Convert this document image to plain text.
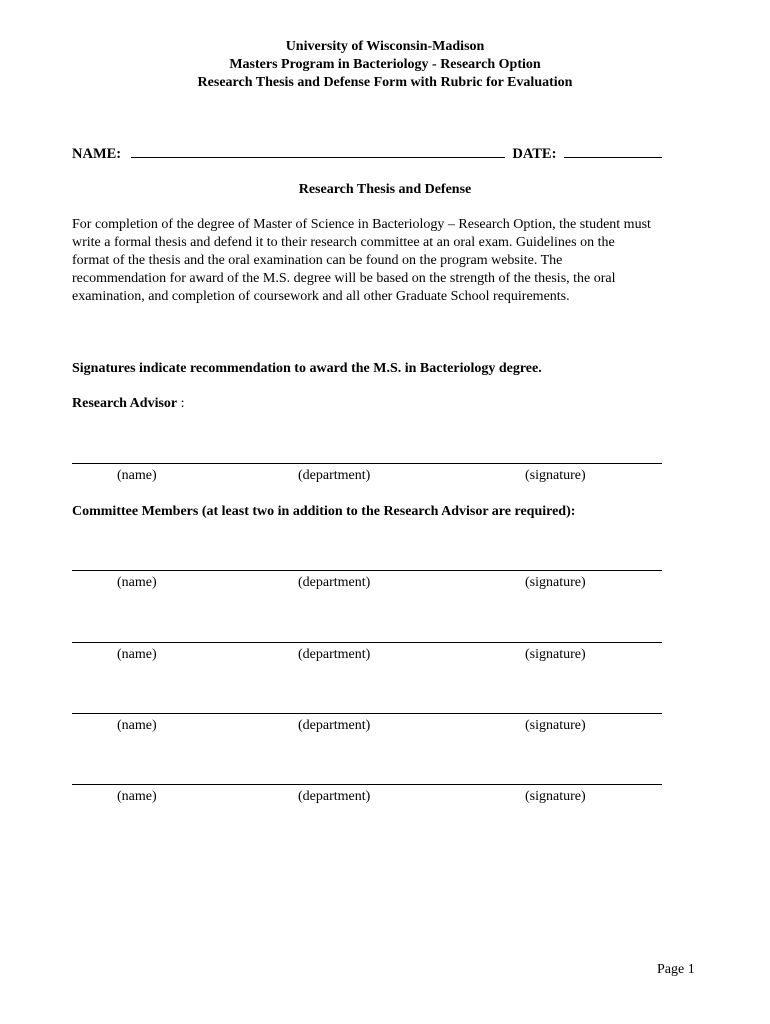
University of Wisconsin-Madison
Masters Program in Bacteriology - Research Option
Research Thesis and Defense Form with Rubric for Evaluation
NAME:	DATE:
Research Thesis and Defense
For completion of the degree of Master of Science in Bacteriology – Research Option, the student must
write a formal thesis and defend it to their research committee at an oral exam. Guidelines on the
format of the thesis and the oral examination can be found on the program website. The
recommendation for award of the M.S. degree will be based on the strength of the thesis, the oral
examination, and completion of coursework and all other Graduate School requirements.
Signatures indicate recommendation to award the M.S. in Bacteriology degree.
Research Advisor :
(name)	(department)	(signature)
Committee Members (at least two in addition to the Research Advisor are required):
(name)	(department)	(signature)
(name)	(department)	(signature)
(name)	(department)	(signature)
(name)	(department)	(signature)
Page 1
